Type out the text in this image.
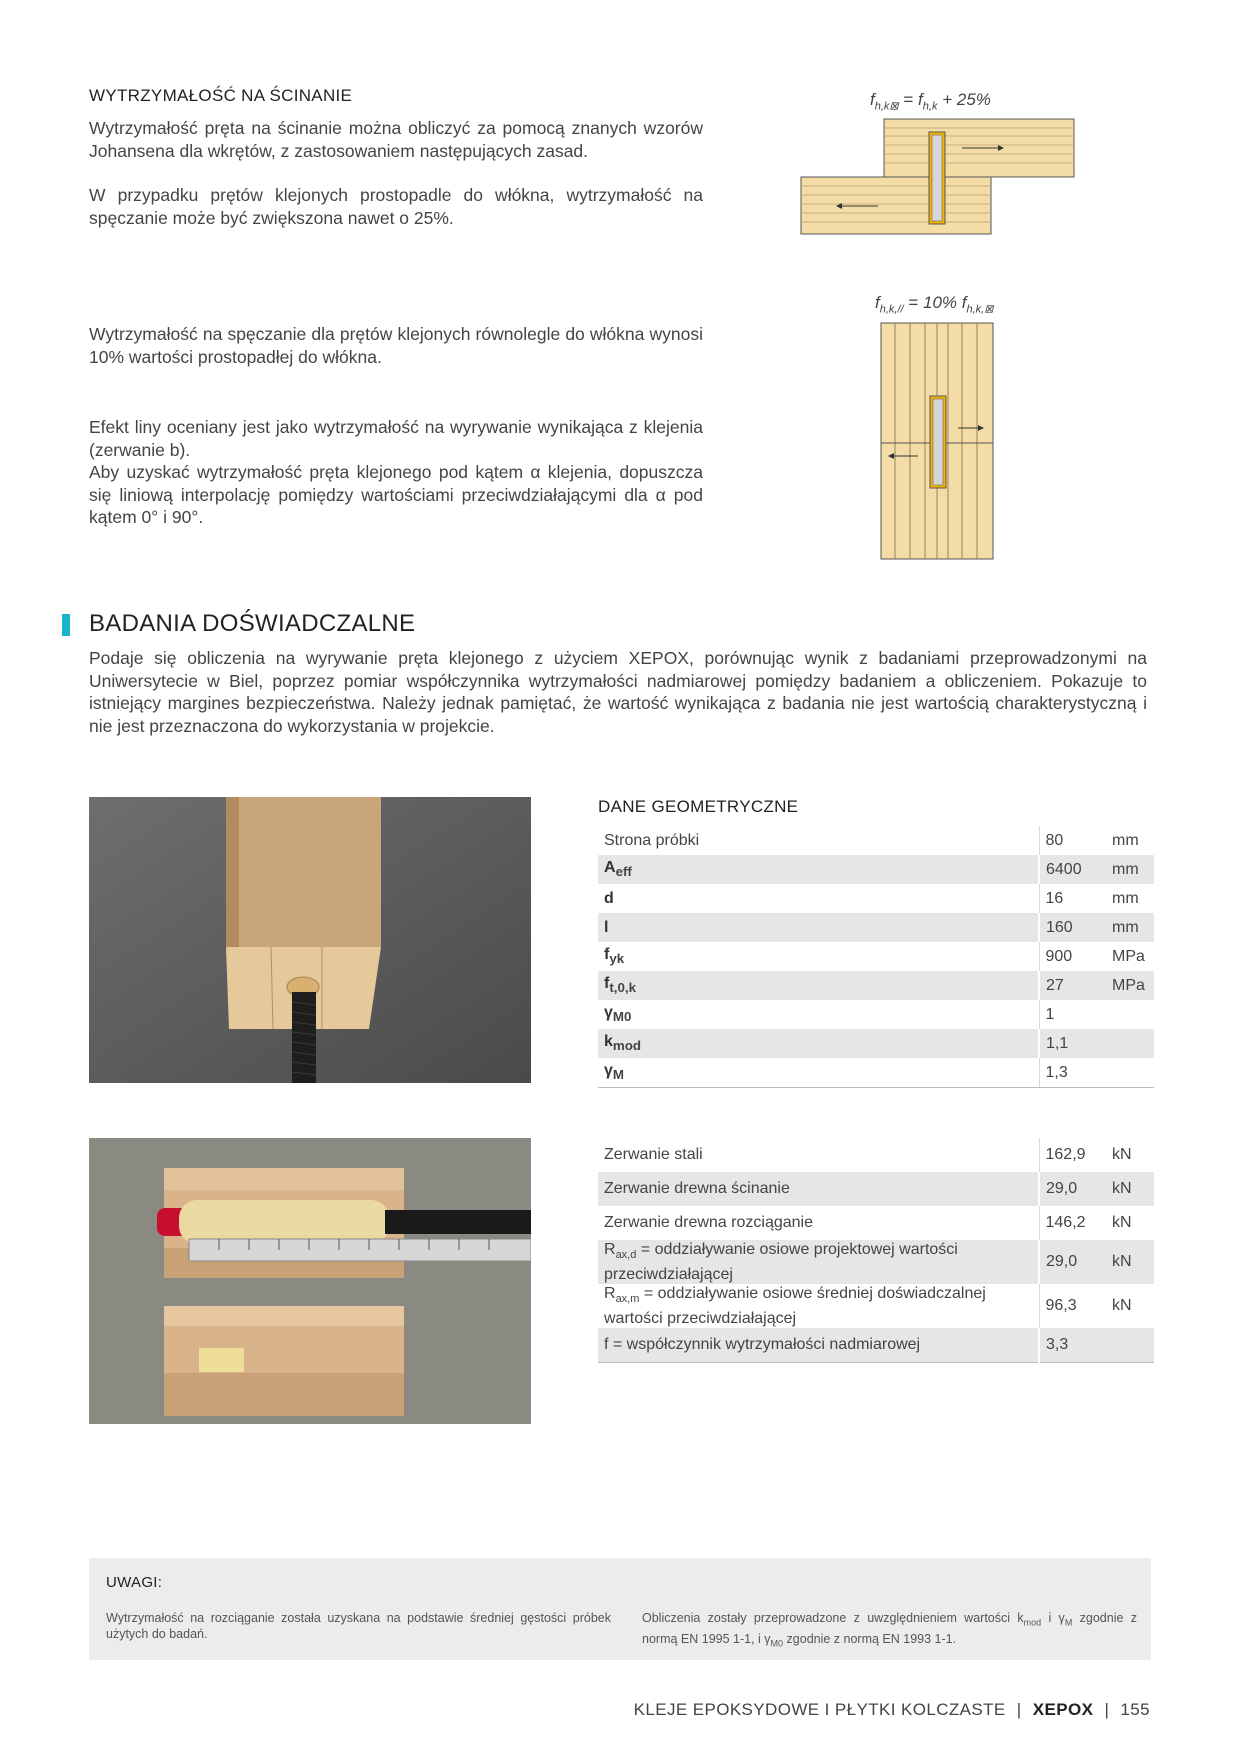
WYTRZYMAŁOŚĆ NA ŚCINANIE
Wytrzymałość pręta na ścinanie można obliczyć za pomocą znanych wzorów Johansena dla wkrętów, z zastosowaniem następujących zasad.
W przypadku prętów klejonych prostopadle do włókna, wytrzymałość na spęczanie może być zwiększona nawet o 25%.
Wytrzymałość na spęczanie dla prętów klejonych równolegle do włókna wynosi 10% wartości prostopadłej do włókna.
Efekt liny oceniany jest jako wytrzymałość na wyrywanie wynikająca z klejenia (zerwanie b).
Aby uzyskać wytrzymałość pręta klejonego pod kątem α klejenia, dopuszcza się liniową interpolację pomiędzy wartościami przeciwdziałającymi dla α pod kątem 0° i 90°.
$f_{h,k⊠} = f_{h,k} + 25\%$
$f_{h,k,//} = 10\%$ $f_{h,k,⊠}$
BADANIA DOŚWIADCZALNE
Podaje się obliczenia na wyrywanie pręta klejonego z użyciem XEPOX, porównując wynik z badaniami przeprowadzonymi na Uniwersytecie w Biel, poprzez pomiar współczynnika wytrzymałości nadmiarowej pomiędzy badaniem a obliczeniem. Pokazuje to istniejący margines bezpieczeństwa. Należy jednak pamiętać, że wartość wynikająca z badania nie jest wartością charakterystyczną i nie jest przeznaczona do wykorzystania w projekcie.
DANE GEOMETRYCZNE
Strona próbki	80	mm
$A_{eff}$	6400	mm
d	16	mm
l	160	mm
$f_{yk}$	900	MPa
$f_{t,0,k}$	27	MPa
$\gamma_{M0}$	1	
$k_{mod}$	1,1	
$\gamma_M$	1,3	
Zerwanie stali	162,9	kN
Zerwanie drewna ścinanie	29,0	kN
Zerwanie drewna rozciąganie	146,2	kN
$R_{ax,d}$ = oddziaływanie osiowe projektowej wartości przeciwdziałającej	29,0	kN
$R_{ax,m}$ = oddziaływanie osiowe średniej doświadczalnej wartości przeciwdziałającej	96,3	kN
f = współczynnik wytrzymałości nadmiarowej	3,3	
UWAGI:
Wytrzymałość na rozciąganie została uzyskana na podstawie średniej gęstości próbek użytych do badań.
Obliczenia zostały przeprowadzone z uwzględnieniem wartości $k_{mod}$ i $\gamma_M$ zgodnie z normą EN 1995 1-1, i $\gamma_{M0}$ zgodnie z normą EN 1993 1-1.
KLEJE EPOKSYDOWE I PŁYTKI KOLCZASTE | XEPOX | 155
